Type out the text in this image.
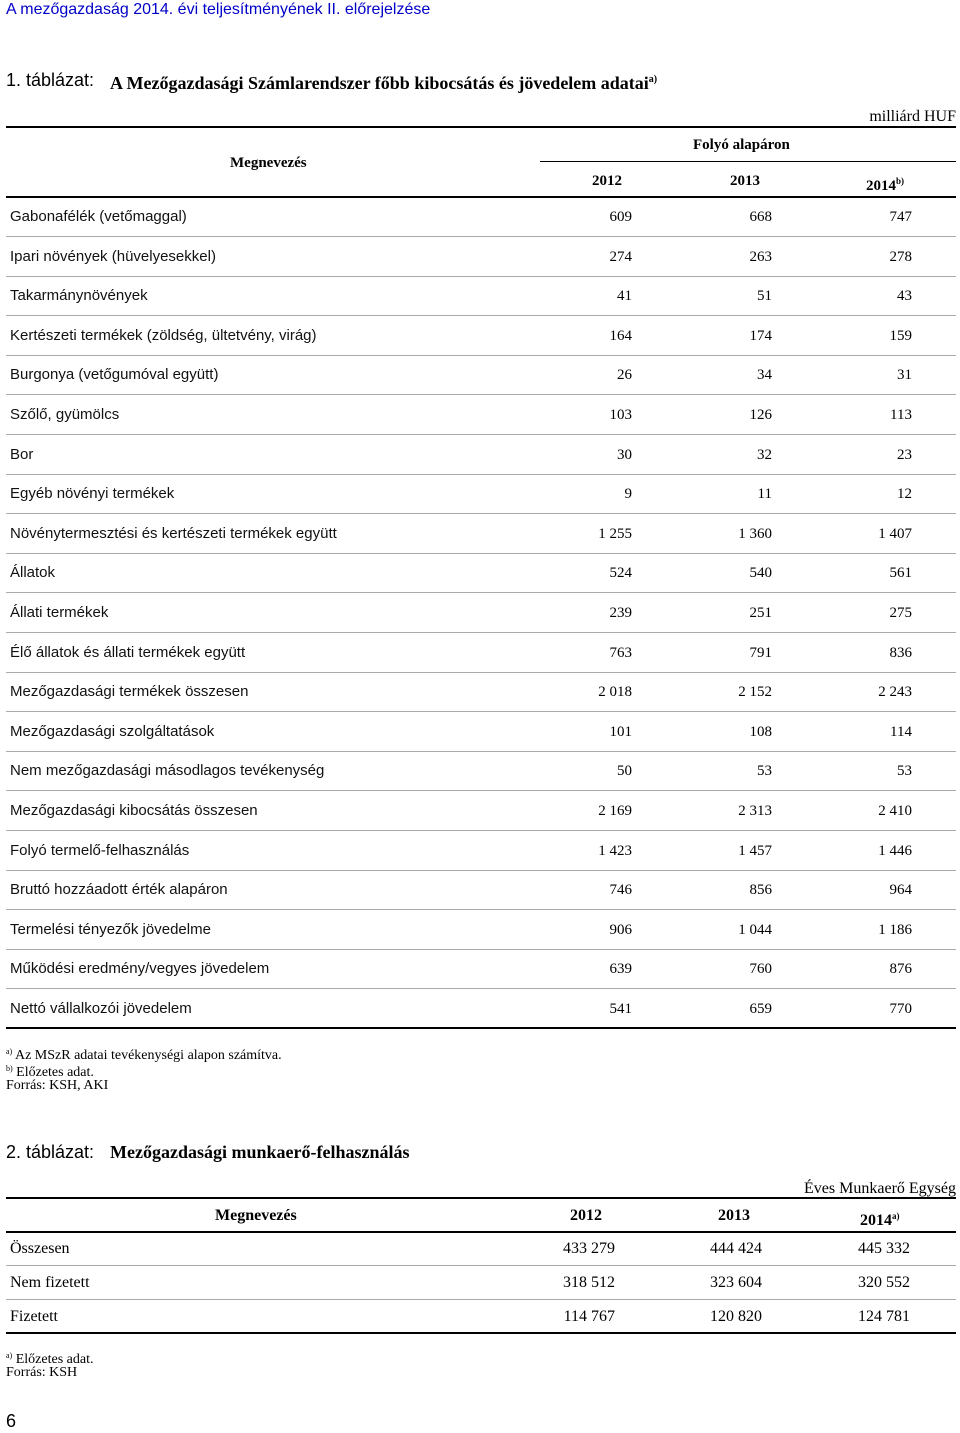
A mezőgazdaság 2014. évi teljesítményének II. előrejelzése
1. táblázat: A Mezőgazdasági Számlarendszer főbb kibocsátás és jövedelem adatai$^{a)}$
milliárd HUF
Megnevezés
Folyó alapáron
2012	2013	2014$^{b)}$
Gabonafélék (vetőmaggal)	609	668	747
Ipari növények (hüvelyesekkel)	274	263	278
Takarmánynövények	41	51	43
Kertészeti termékek (zöldség, ültetvény, virág)	164	174	159
Burgonya (vetőgumóval együtt)	26	34	31
Szőlő, gyümölcs	103	126	113
Bor	30	32	23
Egyéb növényi termékek	9	11	12
Növénytermesztési és kertészeti termékek együtt	1 255	1 360	1 407
Állatok	524	540	561
Állati termékek	239	251	275
Élő állatok és állati termékek együtt	763	791	836
Mezőgazdasági termékek összesen	2 018	2 152	2 243
Mezőgazdasági szolgáltatások	101	108	114
Nem mezőgazdasági másodlagos tevékenység	50	53	53
Mezőgazdasági kibocsátás összesen	2 169	2 313	2 410
Folyó termelő-felhasználás	1 423	1 457	1 446
Bruttó hozzáadott érték alapáron	746	856	964
Termelési tényezők jövedelme	906	1 044	1 186
Működési eredmény/vegyes jövedelem	639	760	876
Nettó vállalkozói jövedelem	541	659	770
$^{a)}$ Az MSzR adatai tevékenységi alapon számítva.
$^{b)}$ Előzetes adat.
Forrás: KSH, AKI
2. táblázat: Mezőgazdasági munkaerő-felhasználás
Éves Munkaerő Egység
Megnevezés	2012	2013	2014$^{a)}$
Összesen	433 279	444 424	445 332
Nem fizetett	318 512	323 604	320 552
Fizetett	114 767	120 820	124 781
$^{a)}$ Előzetes adat.
Forrás: KSH
6
